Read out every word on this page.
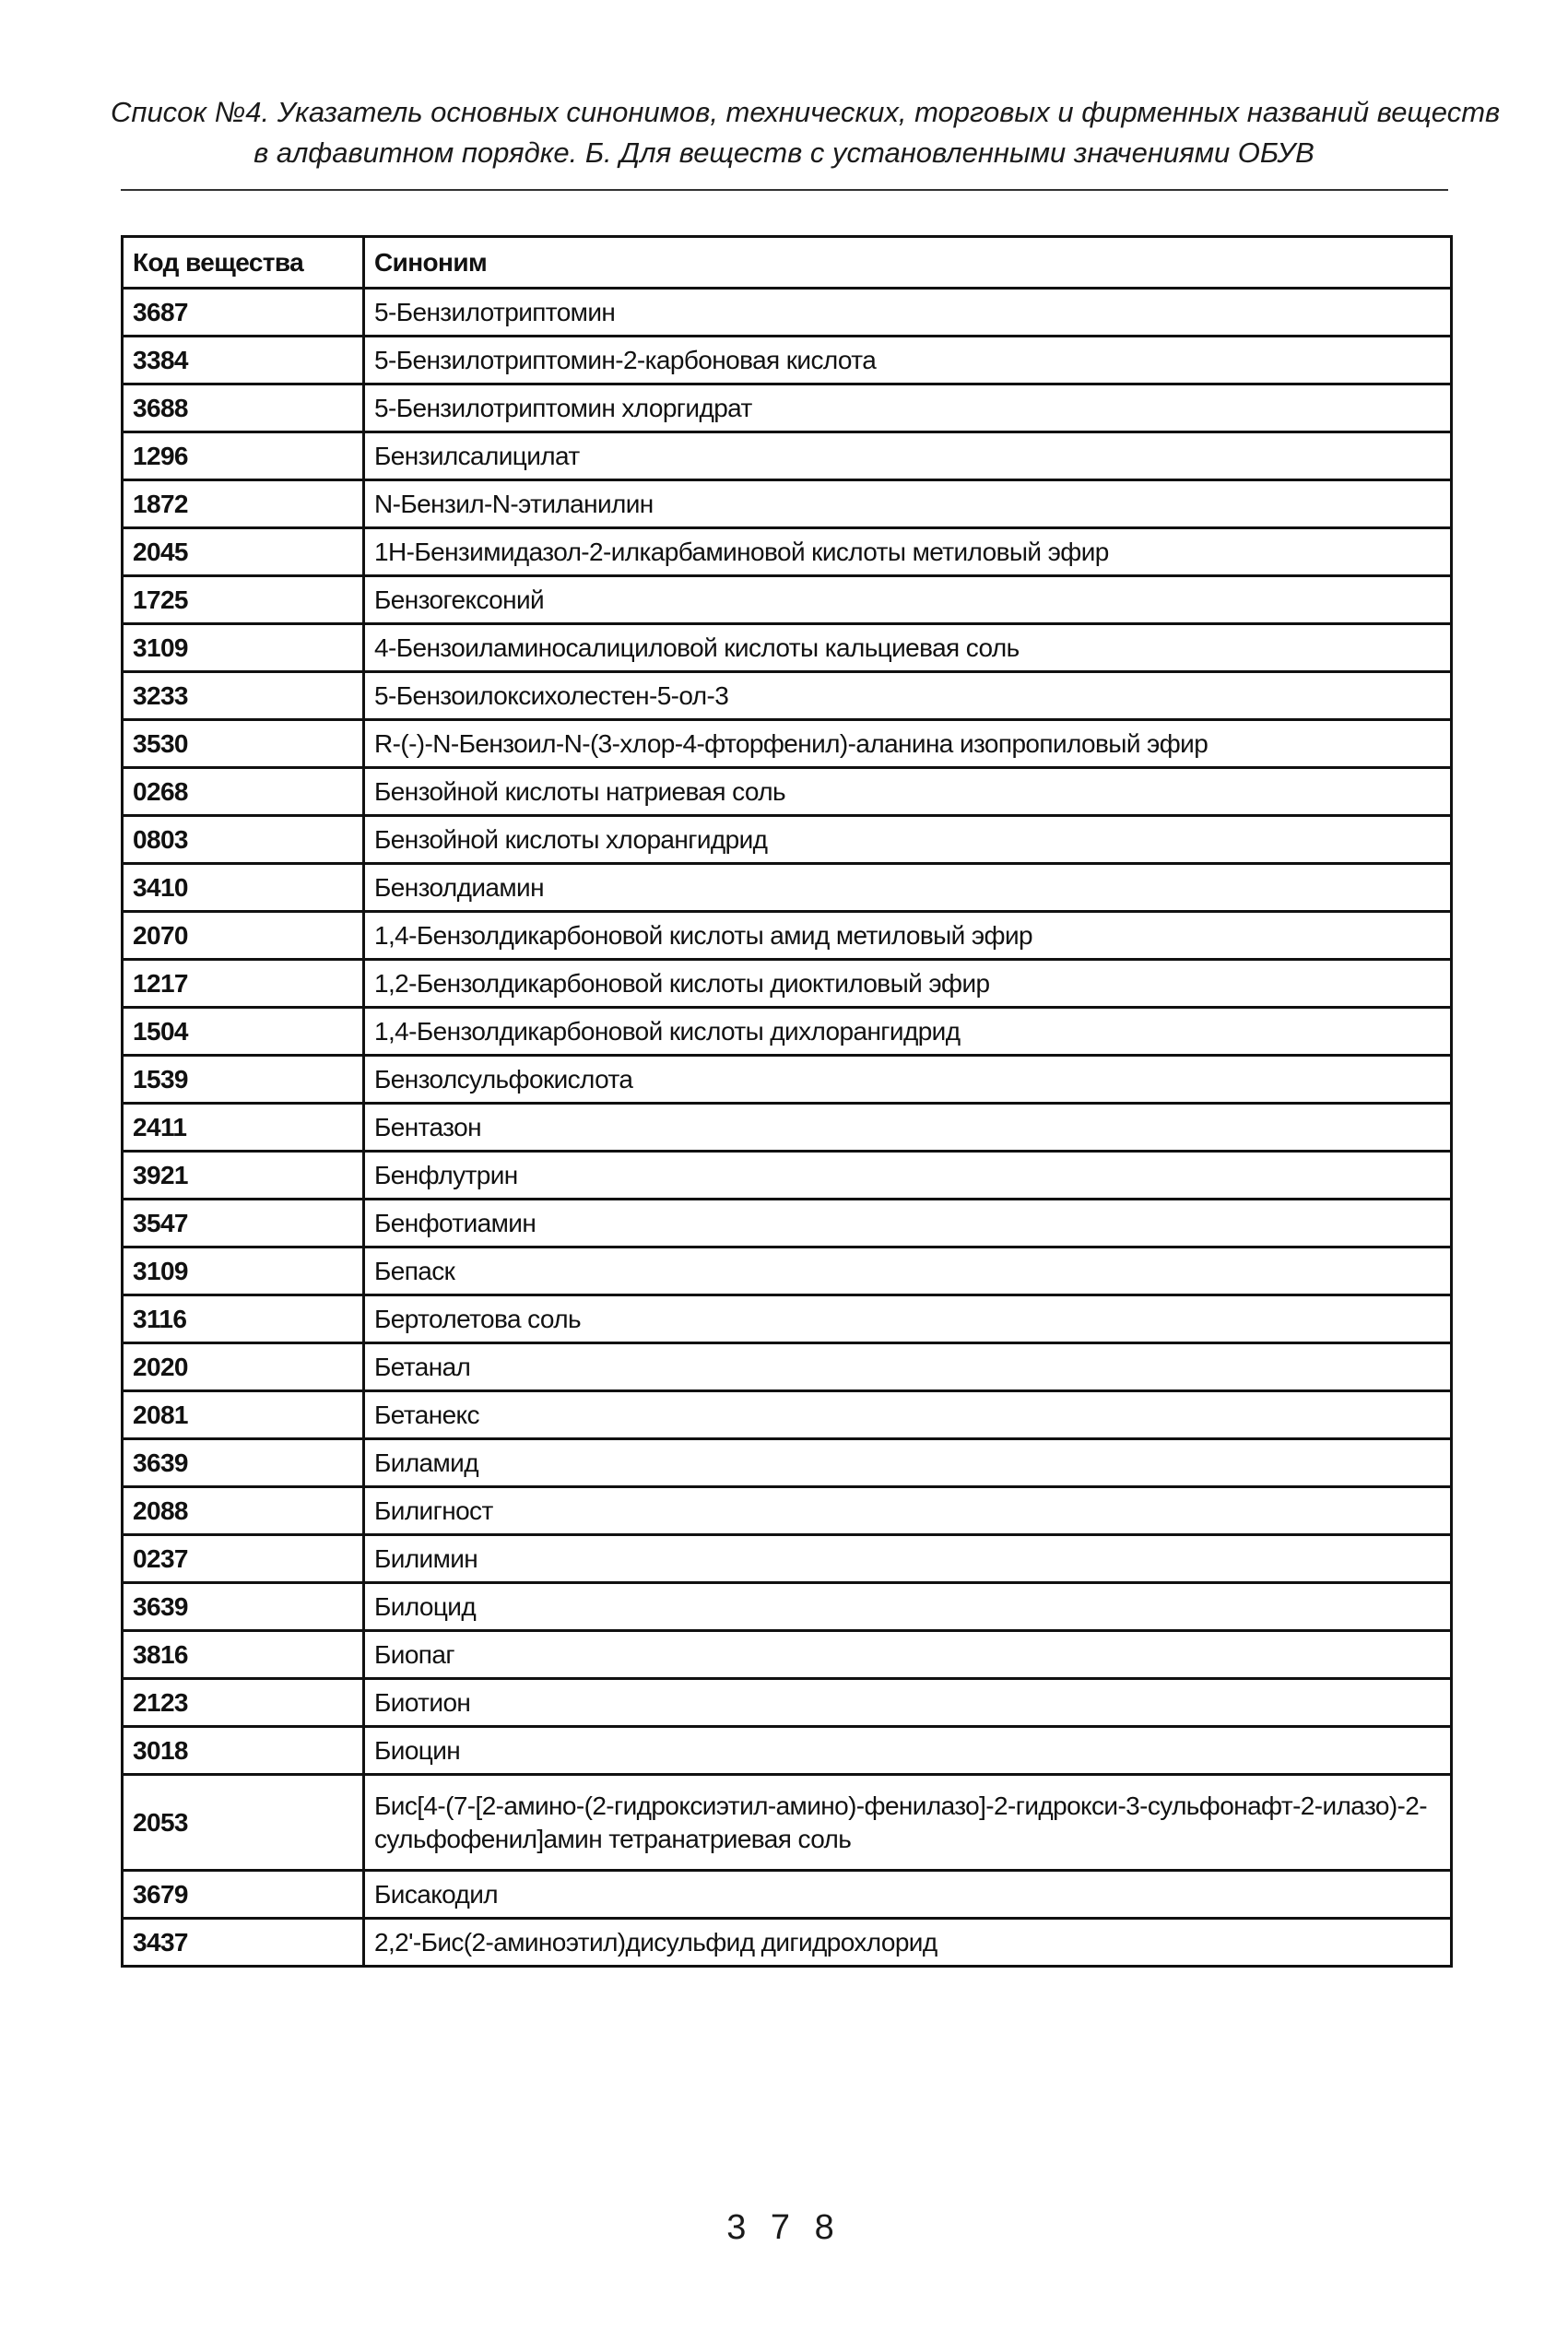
Список №4. Указатель основных синонимов, технических, торговых и фирменных названий веществ
в алфавитном порядке. Б. Для веществ с установленными значениями ОБУВ
Код вещества	Синоним
3687	5-Бензилотриптомин
3384	5-Бензилотриптомин-2-карбоновая кислота
3688	5-Бензилотриптомин хлоргидрат
1296	Бензилсалицилат
1872	N-Бензил-N-этиланилин
2045	1Н-Бензимидазол-2-илкарбаминовой кислоты метиловый эфир
1725	Бензогексоний
3109	4-Бензоиламиносалициловой кислоты кальциевая соль
3233	5-Бензоилоксихолестен-5-ол-3
3530	R-(-)-N-Бензоил-N-(3-хлор-4-фторфенил)-аланина изопропиловый эфир
0268	Бензойной кислоты натриевая соль
0803	Бензойной кислоты хлорангидрид
3410	Бензолдиамин
2070	1,4-Бензолдикарбоновой кислоты амид метиловый эфир
1217	1,2-Бензолдикарбоновой кислоты диоктиловый эфир
1504	1,4-Бензолдикарбоновой кислоты дихлорангидрид
1539	Бензолсульфокислота
2411	Бентазон
3921	Бенфлутрин
3547	Бенфотиамин
3109	Бепаск
3116	Бертолетова соль
2020	Бетанал
2081	Бетанекс
3639	Биламид
2088	Билигност
0237	Билимин
3639	Билоцид
3816	Биопаг
2123	Биотион
3018	Биоцин
2053	Бис[4-(7-[2-амино-(2-гидроксиэтил-амино)-фенилазо]-2-гидрокси-3-сульфонафт-2-илазо)-2-сульфофенил]амин тетранатриевая соль
3679	Бисакодил
3437	2,2'-Бис(2-аминоэтил)дисульфид дигидрохлорид
3 7 8
